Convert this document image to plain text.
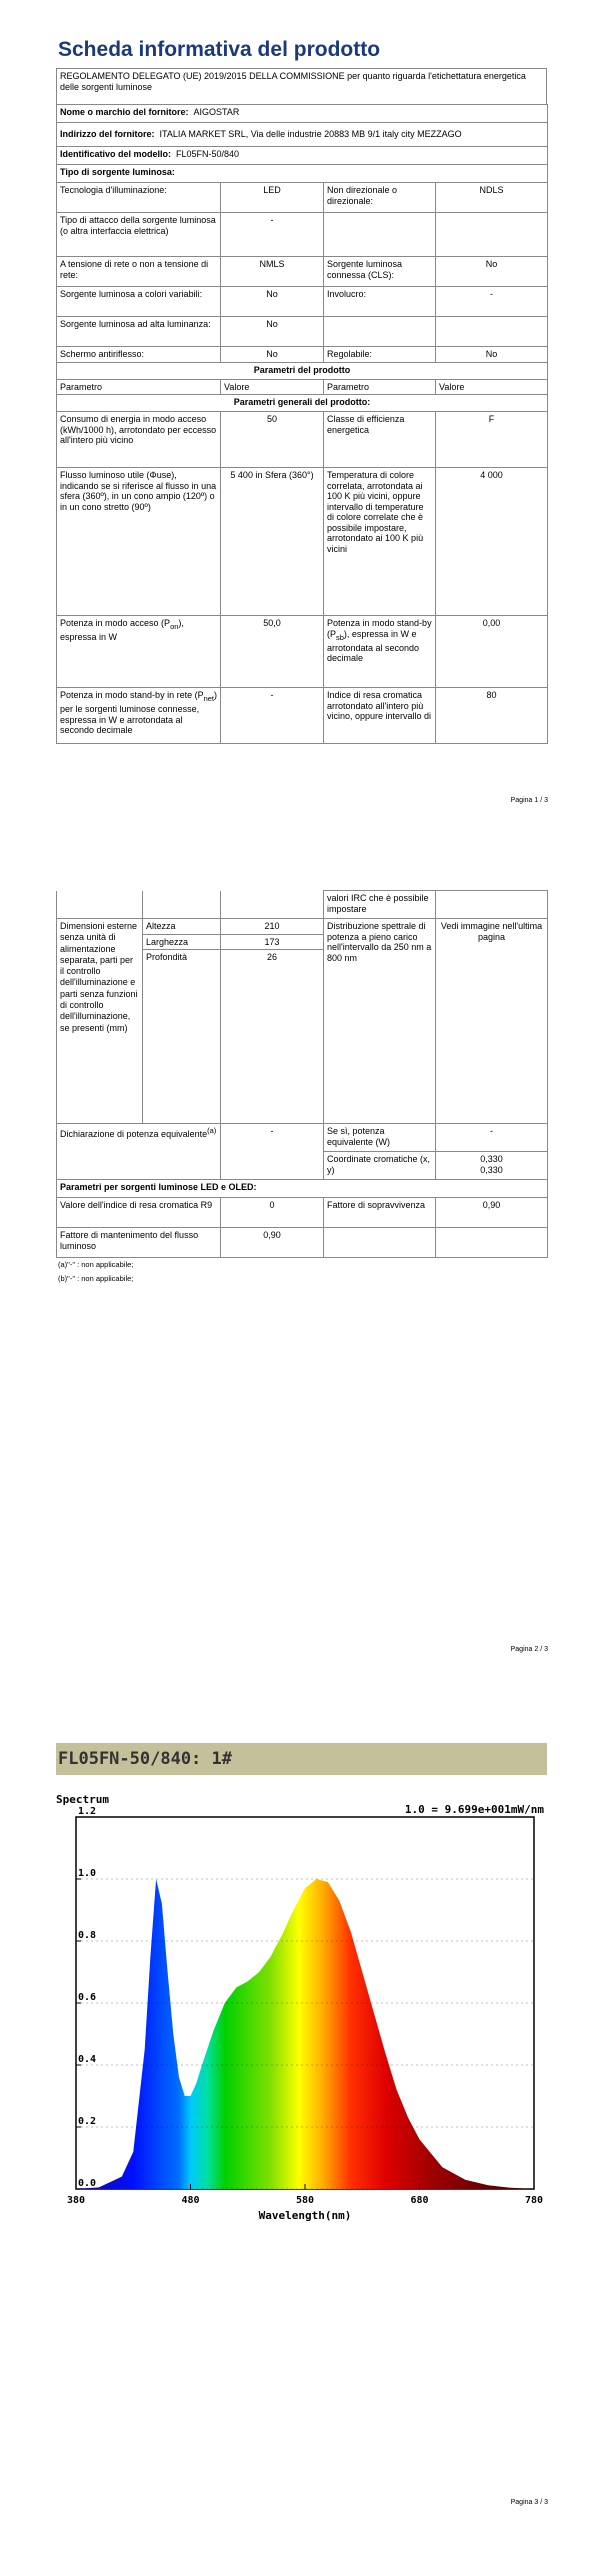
Scheda informativa del prodotto
REGOLAMENTO DELEGATO (UE) 2019/2015 DELLA COMMISSIONE per quanto riguarda l'etichettatura energetica delle sorgenti luminose
Nome o marchio del fornitore: AIGOSTAR			
Indirizzo del fornitore: ITALIA MARKET SRL, Via delle industrie 20883 MB 9/1 italy city MEZZAGO			
Identificativo del modello: FL05FN-50/840			
Tipo di sorgente luminosa:			
Tecnologia d'illuminazione:	LED	Non direzionale o direzionale:	NDLS
Tipo di attacco della sorgente luminosa (o altra interfaccia elettrica)	-		
A tensione di rete o non a tensione di rete:	NMLS	Sorgente luminosa connessa (CLS):	No
Sorgente luminosa a colori variabili:	No	Involucro:	-
Sorgente luminosa ad alta luminanza:	No		
Schermo antiriflesso:	No	Regolabile:	No
Parametri del prodotto			
Parametro	Valore	Parametro	Valore
Parametri generali del prodotto:			
Consumo di energia in modo acceso (kWh/1000 h), arrotondato per eccesso all'intero più vicino	50	Classe di efficienza energetica	F
Flusso luminoso utile (Φuse), indicando se si riferisce al flusso in una sfera (360º), in un cono ampio (120º) o in un cono stretto (90º)	5 400 in Sfera (360°)	Temperatura di colore correlata, arrotondata ai 100 K più vicini, oppure intervallo di temperature di colore correlate che è possibile impostare, arrotondato ai 100 K più vicini	4 000
Potenza in modo acceso $(P_{on})$, espressa in W	50,0	Potenza in modo stand-by $(P_{sb})$, espressa in W e arrotondata al secondo decimale	0,00
Potenza in modo stand-by in rete $(P_{net})$ per le sorgenti luminose connesse, espressa in W e arrotondata al secondo decimale	-	Indice di resa cromatica arrotondato all'intero più vicino, oppure intervallo di	80
Pagina 1 / 3
			valori IRC che è possibile impostare	
Dimensioni esterne senza unità di alimentazione separata, parti per il controllo dell'illuminazione e parti senza funzioni di controllo dell'illuminazione, se presenti (mm)	Altezza	210	Distribuzione spettrale di potenza a pieno carico nell'intervallo da 250 nm a 800 nm	Vedi immagine nell'ultima pagina
	Larghezza	173		
	Profondità	26		
Dichiarazione di potenza equivalente$^{(a)}$		-	Se sì, potenza equivalente (W)	-
			Coordinate cromatiche (x, y)	0,330
0,330

Parametri per sorgenti luminose LED e OLED:				
Valore dell'indice di resa cromatica R9		0	Fattore di sopravvivenza	0,90
Fattore di mantenimento del flusso luminoso		0,90		
(a)"-" : non applicabile;
(b)"-" : non applicabile;
Pagina 2 / 3
FL05FN-50/840: 1#
0.0
0.2
0.4
0.6
0.8
1.0
1.2
380	480	580	680	780
Spectrum
1.0 = 9.699e+001mW/nm
Wavelength(nm)
Pagina 3 / 3
